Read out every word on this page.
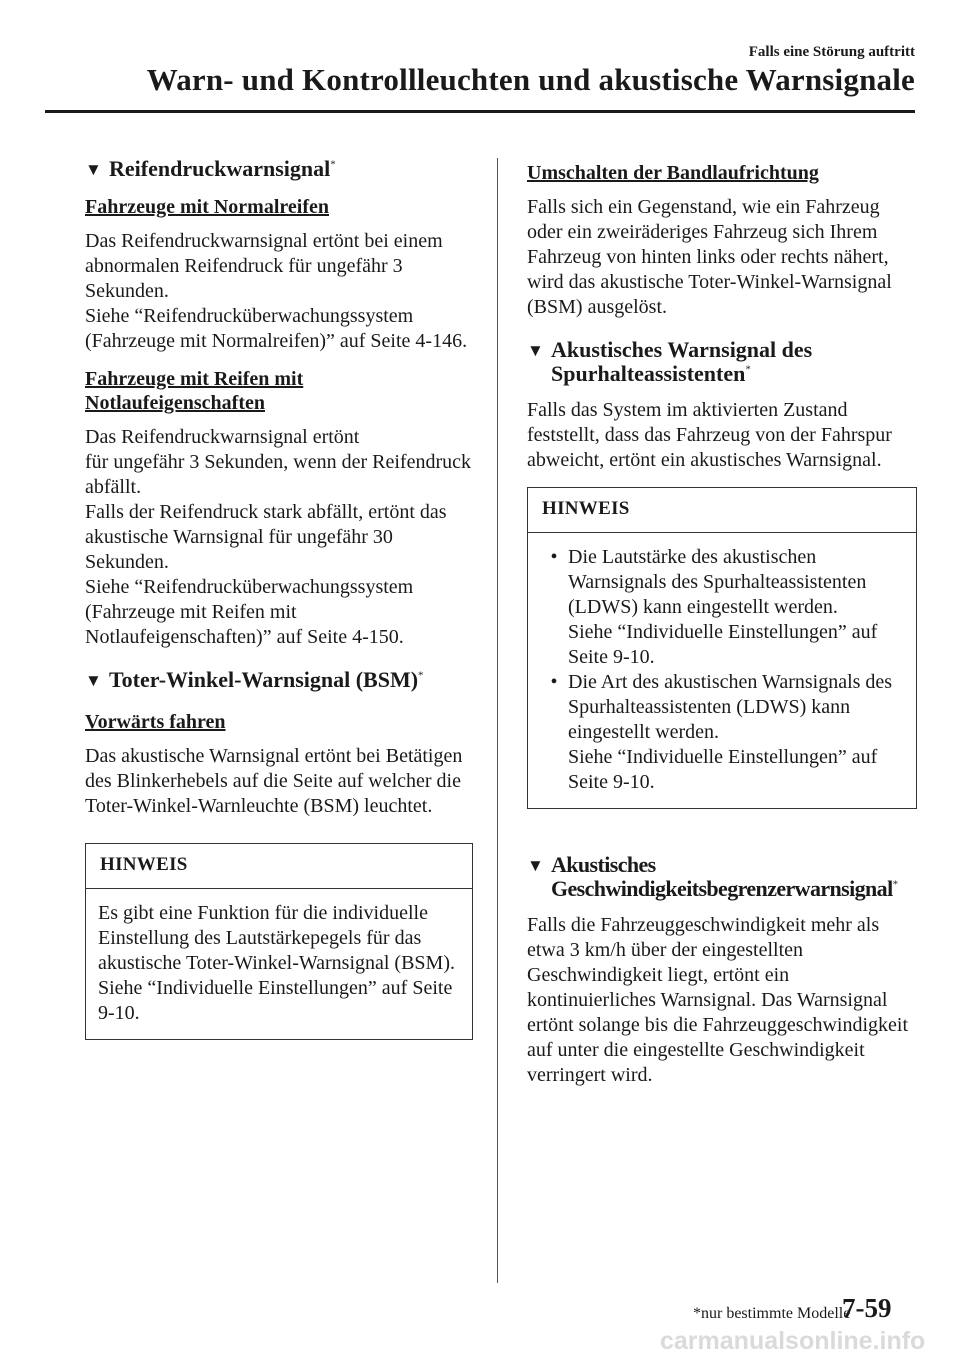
Falls eine Störung auftritt
Warn- und Kontrollleuchten und akustische Warnsignale
▼ Reifendruckwarnsignal*
Fahrzeuge mit Normalreifen
Das Reifendruckwarnsignal ertönt bei einem abnormalen Reifendruck für ungefähr 3 Sekunden.
Siehe “Reifendrucküberwachungssystem (Fahrzeuge mit Normalreifen)” auf Seite 4-146.
Fahrzeuge mit Reifen mit
Notlaufeigenschaften
Das Reifendruckwarnsignal ertönt
für ungefähr 3 Sekunden, wenn der Reifendruck abfällt.
Falls der Reifendruck stark abfällt, ertönt das akustische Warnsignal für ungefähr 30 Sekunden.
Siehe “Reifendrucküberwachungssystem (Fahrzeuge mit Reifen mit Notlaufeigenschaften)” auf Seite 4-150.
▼ Toter-Winkel-Warnsignal (BSM)*
Vorwärts fahren
Das akustische Warnsignal ertönt bei Betätigen des Blinkerhebels auf die Seite auf welcher die Toter-Winkel-Warnleuchte (BSM) leuchtet.
HINWEIS
Es gibt eine Funktion für die individuelle Einstellung des Lautstärkepegels für das akustische Toter-Winkel-Warnsignal (BSM).
Siehe “Individuelle Einstellungen” auf Seite 9-10.
Umschalten der Bandlaufrichtung
Falls sich ein Gegenstand, wie ein Fahrzeug oder ein zweiräderiges Fahrzeug sich Ihrem Fahrzeug von hinten links oder rechts nähert, wird das akustische Toter-Winkel-Warnsignal (BSM) ausgelöst.
▼ Akustisches Warnsignal des
Spurhalteassistenten*
Falls das System im aktivierten Zustand feststellt, dass das Fahrzeug von der Fahrspur abweicht, ertönt ein akustisches Warnsignal.
HINWEIS
• Die Lautstärke des akustischen Warnsignals des Spurhalteassistenten (LDWS) kann eingestellt werden.
Siehe “Individuelle Einstellungen” auf Seite 9-10.
• Die Art des akustischen Warnsignals des Spurhalteassistenten (LDWS) kann eingestellt werden.
Siehe “Individuelle Einstellungen” auf Seite 9-10.
▼ Akustisches
Geschwindigkeitsbegrenzerwarnsignal*
Falls die Fahrzeuggeschwindigkeit mehr als etwa 3 km/h über der eingestellten Geschwindigkeit liegt, ertönt ein kontinuierliches Warnsignal. Das Warnsignal ertönt solange bis die Fahrzeuggeschwindigkeit auf unter die eingestellte Geschwindigkeit verringert wird.
*nur bestimmte Modelle
7-59
carmanualsonline.info
